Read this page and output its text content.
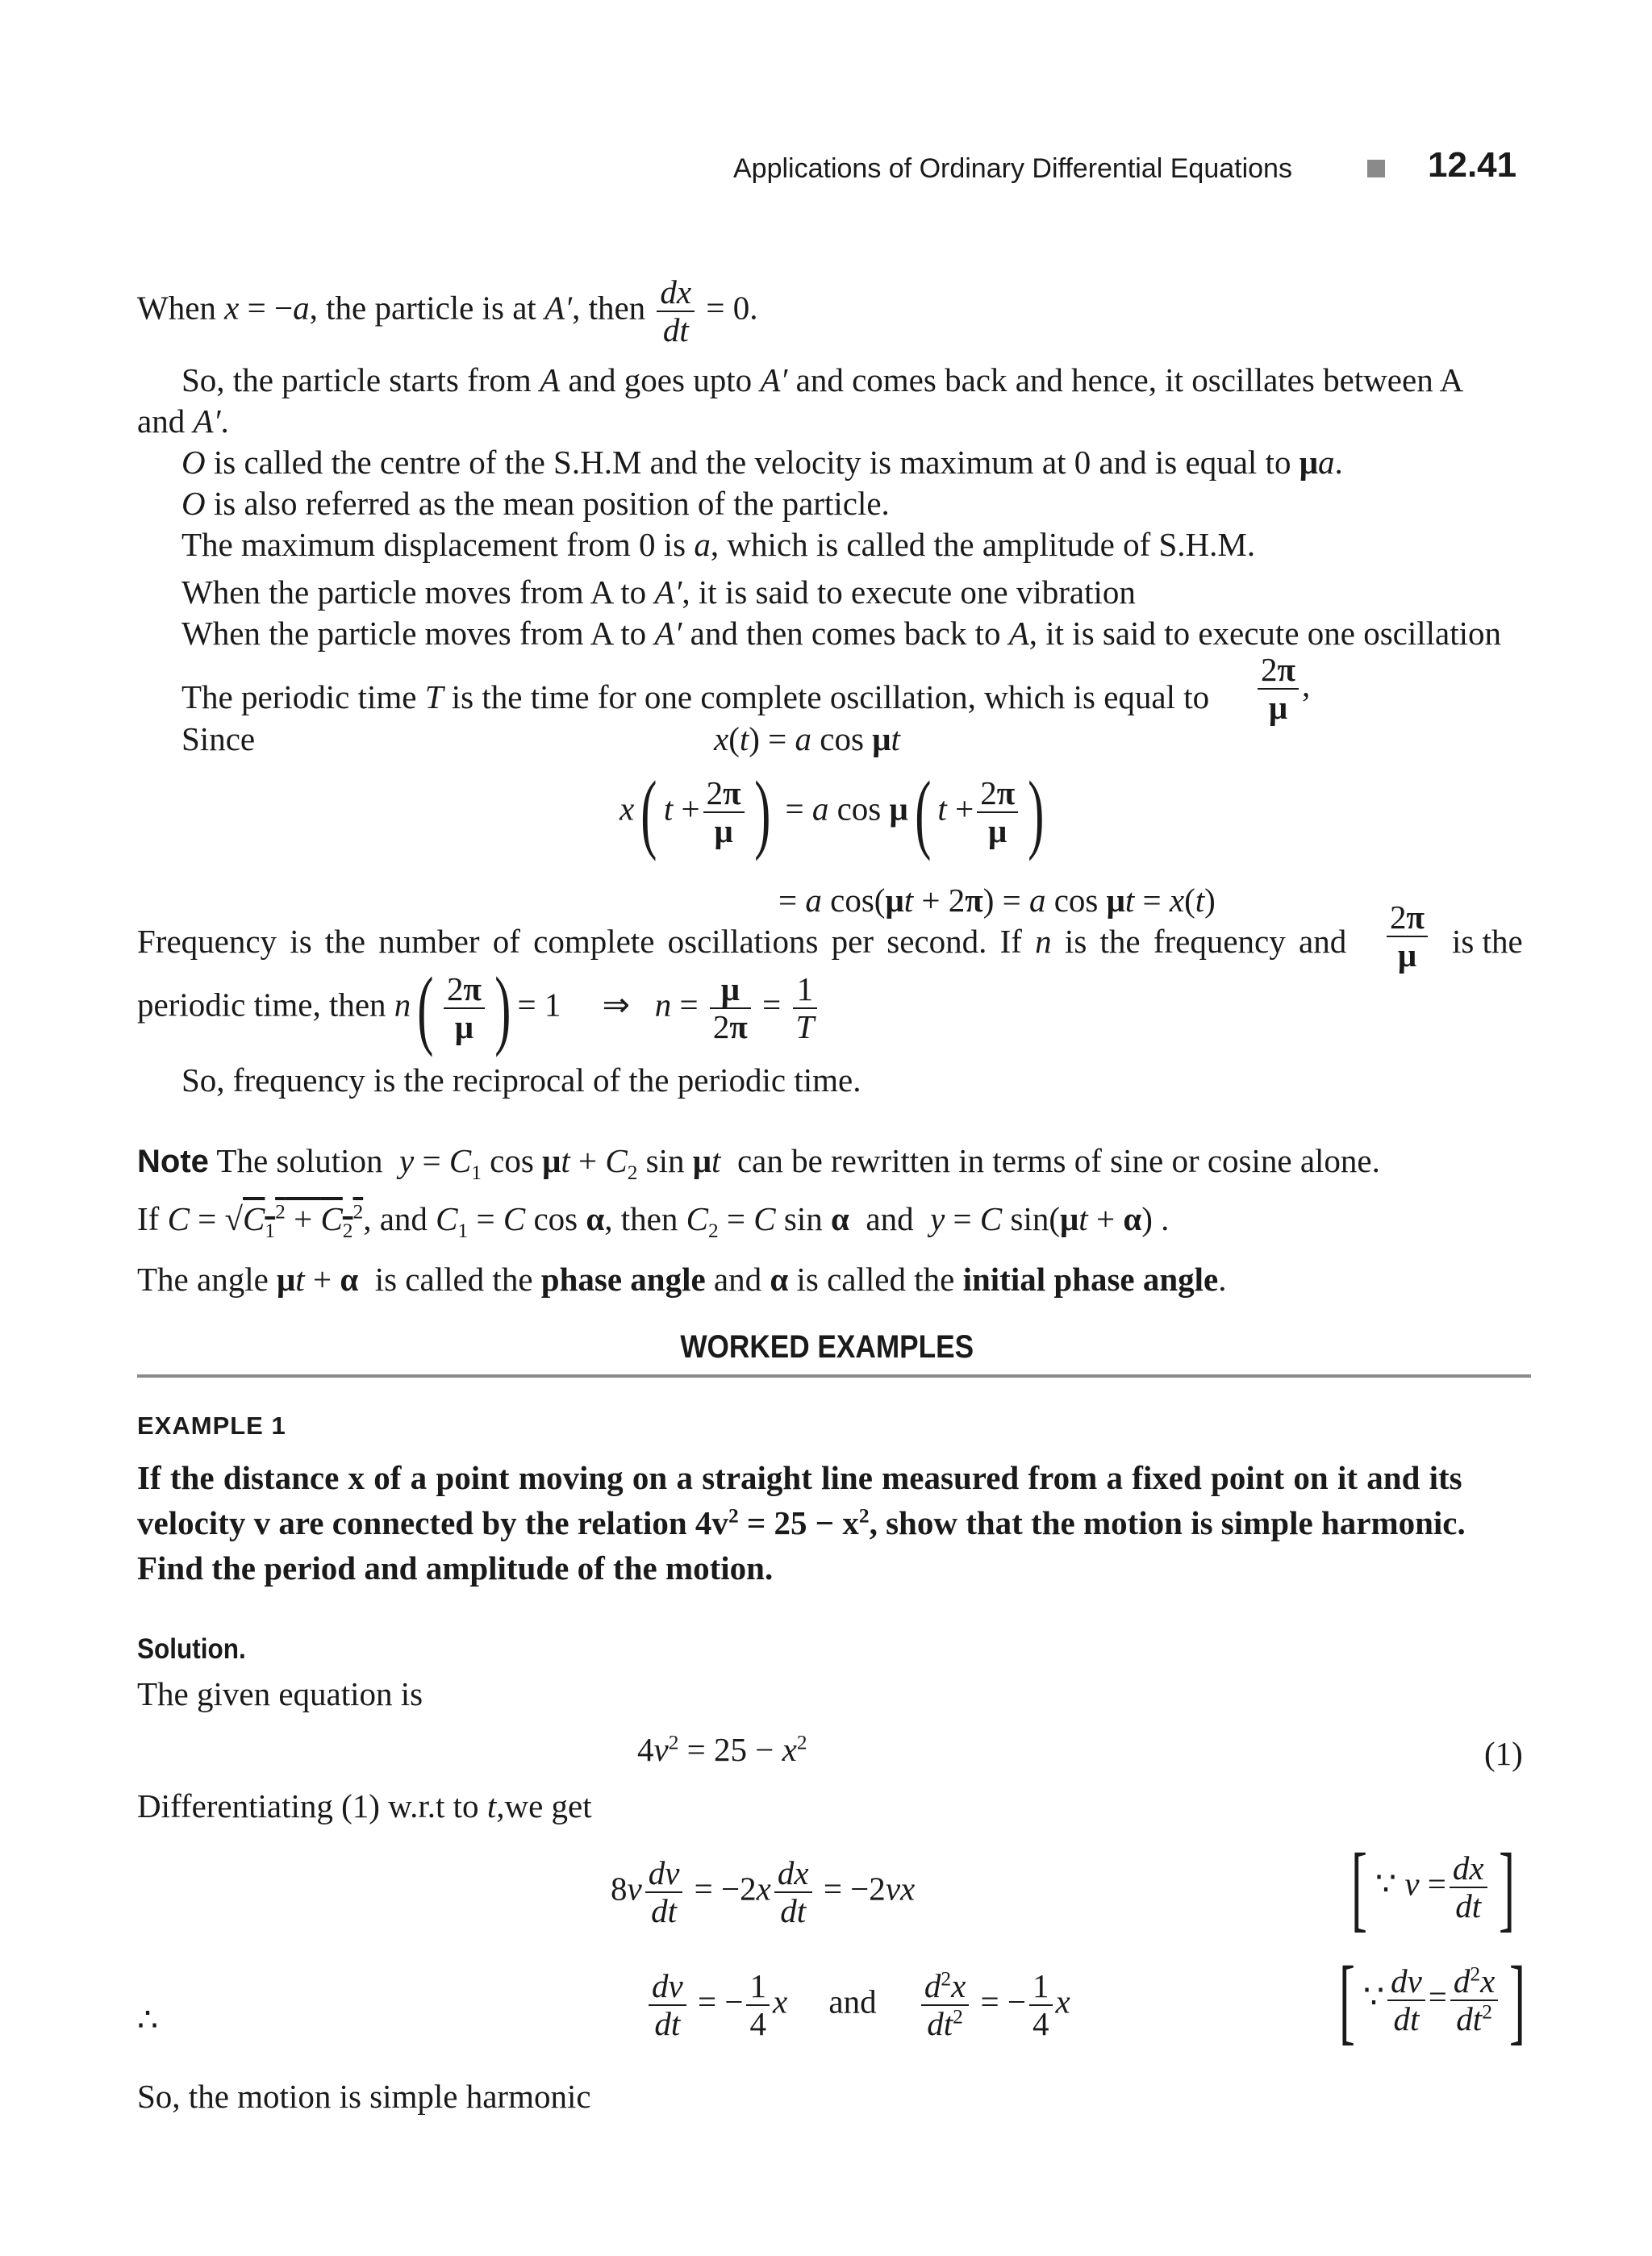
Applications of Ordinary Differential Equations	12.41
When x = −a, the particle is at A′, then $\frac{dx}{dt} = 0$.
So, the particle starts from A and goes upto A′ and comes back and hence, it oscillates between A
and A′.
O is called the centre of the S.H.M and the velocity is maximum at 0 and is equal to μa.
O is also referred as the mean position of the particle.
The maximum displacement from 0 is a, which is called the amplitude of S.H.M.
When the particle moves from A to A′, it is said to execute one vibration
When the particle moves from A to A′ and then comes back to A, it is said to execute one oscillation
The periodic time T is the time for one complete oscillation, which is equal to $\frac{2\pi}{\mu}$ ,
Since	x(t) = a cos μt
x( $t + \frac{2\pi}{\mu}$ ) = a cos μ( $t + \frac{2\pi}{\mu}$ )
= a cos(μt + 2π) = a cos μt = x(t)
Frequency is the number of complete oscillations per second. If n is the frequency and $\frac{2\pi}{\mu}$ is the
periodic time, then $n( \frac{2\pi}{\mu}$ ) = 1     ⇒   $n = \frac{\mu}{2\pi} = \frac{1}{T}$
So, frequency is the reciprocal of the periodic time.
Note The solution $y = C_1$ $\cos \mu t + C_2$ sin μt can be rewritten in terms of sine or cosine alone.
If $C = √C_1^2 + C_2^2$, and $C_1 = C$ cos α, then $C_2 = C$ sin α and y = C sin(μt + α) .
The angle μt + α is called the phase angle and α is called the initial phase angle.
WORKED EXAMPLES
EXAMPLE 1
If the distance x of a point moving on a straight line measured from a fixed point on it and its
velocity v are connected by the relation $4v^2 = 25 - x^2$, show that the motion is simple harmonic.
Find the period and amplitude of the motion.
Solution.
The given equation is
$4v^2 = 25 - x^2$	(1)
Differentiating (1) w.r.t to t,we get
$8v \frac{dv}{dt} = -2x \frac{dx}{dt} = -2vx$	[ ∵ $v = \frac{dx}{dt}$ ]
∴	$\frac{dv}{dt}$ = − $\frac{1}{4}$ x and $\frac{d^2x}{dt^2}$ = − $\frac{1}{4}$ x	[ ∵ $\frac{dv}{dt} = \frac{d^2x}{dt^2}$ ]
So, the motion is simple harmonic
